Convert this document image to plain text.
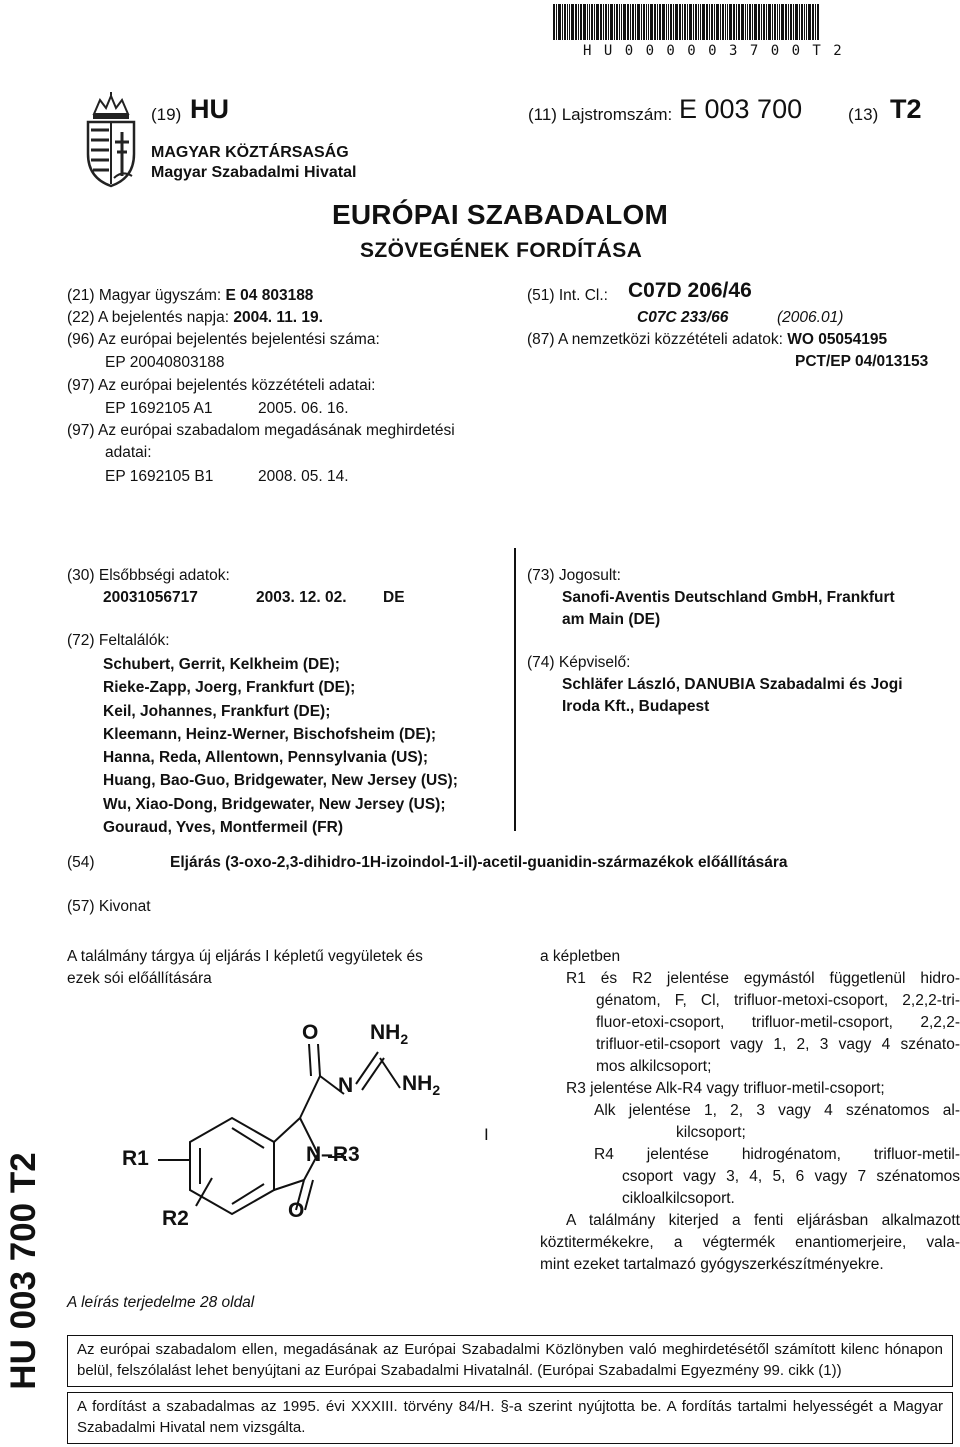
H U 0 0 0 0 0 3 7 0 0 T 2
(19) HU	(11) Lajstromszám: E 003 700	(13) T2
MAGYAR KÖZTÁRSASÁG
Magyar Szabadalmi Hivatal
EURÓPAI SZABADALOM
SZÖVEGÉNEK FORDÍTÁSA
(21) Magyar ügyszám: E 04 803188
(22) A bejelentés napja: 2004. 11. 19.
(96) Az európai bejelentés bejelentési száma:
EP 20040803188
(97) Az európai bejelentés közzétételi adatai:
EP 1692105 A1	2005. 06. 16.
(97) Az európai szabadalom megadásának meghirdetési
adatai:
EP 1692105 B1	2008. 05. 14.
(51) Int. Cl.: C07D 206/46
C07C 233/66	(2006.01)
(87) A nemzetközi közzétételi adatok: WO 05054195
PCT/EP 04/013153
(30) Elsőbbségi adatok:
20031056717	2003. 12. 02. DE
(72) Feltalálók:
Schubert, Gerrit, Kelkheim (DE);
Rieke-Zapp, Joerg, Frankfurt (DE);
Keil, Johannes, Frankfurt (DE);
Kleemann, Heinz-Werner, Bischofsheim (DE);
Hanna, Reda, Allentown, Pennsylvania (US);
Huang, Bao-Guo, Bridgewater, New Jersey (US);
Wu, Xiao-Dong, Bridgewater, New Jersey (US);
Gouraud, Yves, Montfermeil (FR)
(73) Jogosult:
Sanofi-Aventis Deutschland GmbH, Frankfurt
am Main (DE)
(74) Képviselő:
Schläfer László, DANUBIA Szabadalmi és Jogi
Iroda Kft., Budapest
(54)	Eljárás (3-oxo-2,3-dihidro-1H-izoindol-1-il)-acetil-guanidin-származékok előállítására
(57) Kivonat
A találmány tárgya új eljárás I képletű vegyületek és
ezek sói előállítására
O $NH_2$
N $NH_2$
R1	N–R3
R2	O
I
A leírás terjedelme 28 oldal
a képletben
R1 és R2 jelentése egymástól függetlenül hidro-
génatom, F, Cl, trifluor-metoxi-csoport, 2,2,2-tri-
fluor-etoxi-csoport, trifluor-metil-csoport, 2,2,2-
trifluor-etil-csoport vagy 1, 2, 3 vagy 4 szénato-
mos alkilcsoport;
R3 jelentése Alk-R4 vagy trifluor-metil-csoport;
Alk jelentése 1, 2, 3 vagy 4 szénatomos al-
kilcsoport;
R4 jelentése hidrogénatom, trifluor-metil-
csoport vagy 3, 4, 5, 6 vagy 7 szénatomos
cikloalkilcsoport.
A találmány kiterjed a fenti eljárásban alkalmazott
köztitermékekre, a végtermék enantiomerjeire, vala-
mint ezeket tartalmazó gyógyszerkészítményekre.
HU 003 700 T2	Az európai szabadalom ellen, megadásának az Európai Szabadalmi Közlönyben való meghirdetésétől számított kilenc hónapon belül, felszólalást lehet benyújtani az Európai Szabadalmi Hivatalnál. (Európai Szabadalmi Egyezmény 99. cikk (1))
A fordítást a szabadalmas az 1995. évi XXXIII. törvény 84/H. §-a szerint nyújtotta be. A fordítás tartalmi helyességét a Magyar Szabadalmi Hivatal nem vizsgálta.
